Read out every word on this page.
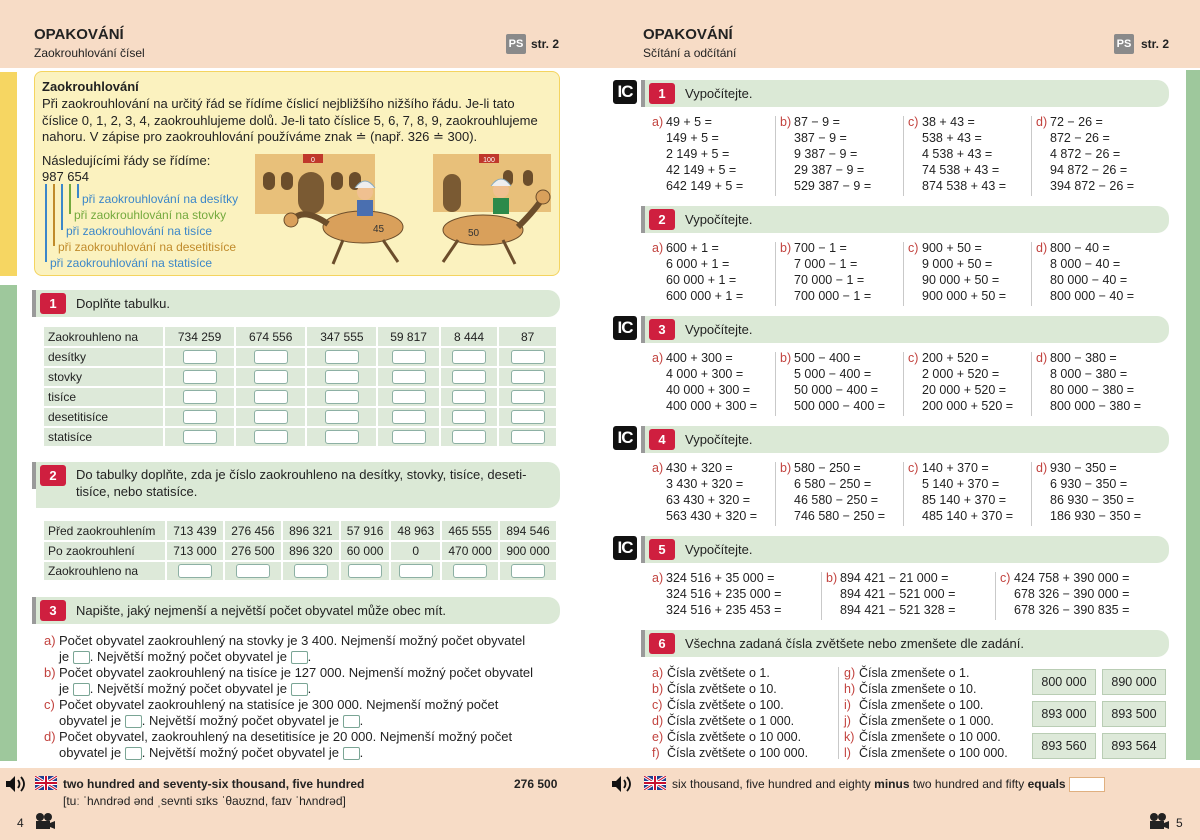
OPAKOVÁNÍ
Zaokrouhlování čísel
PS str. 2
OPAKOVÁNÍ
Sčítání a odčítání
PS str. 2
Zaokrouhlování
Při zaokrouhlování na určitý řád se řídíme číslicí nejbližšího nižšího řádu. Je-li tato číslice 0, 1, 2, 3, 4, zaokrouhlujeme dolů. Je-li tato číslice 5, 6, 7, 8, 9, zaokrouhlujeme nahoru. V zápise pro zaokrouhlování používáme znak ≐ (např. 326 ≐ 300).
Následujícími řády se řídíme:
987 654
při zaokrouhlování na desítky
při zaokrouhlování na stovky
při zaokrouhlování na tisíce
při zaokrouhlování na desetitisíce
při zaokrouhlování na statisíce
0	100
45	50
1	Doplňte tabulku.
Zaokrouhleno na	734 259	674 556	347 555	59 817	8 444	87
desítky						
stovky						
tisíce						
desetitisíce						
statisíce						
2	Do tabulky doplňte, zda je číslo zaokrouhleno na desítky, stovky, tisíce, desetitisíce, nebo statisíce.
Před zaokrouhlením	713 439	276 456	896 321	57 916	48 963	465 555	894 546
Po zaokrouhlení	713 000	276 500	896 320	60 000	0	470 000	900 000
Zaokrouhleno na							
3	Napište, jaký nejmenší a největší počet obyvatel může obec mít.
a) Počet obyvatel zaokrouhlený na stovky je 3 400. Nejmenší možný počet obyvatel
je . Největší možný počet obyvatel je .
b) Počet obyvatel zaokrouhlený na tisíce je 127 000. Nejmenší možný počet obyvatel
je . Největší možný počet obyvatel je .
c) Počet obyvatel zaokrouhlený na statisíce je 300 000. Nejmenší možný počet
obyvatel je . Největší možný počet obyvatel je .
d) Počet obyvatel, zaokrouhlený na desetitisíce je 20 000. Nejmenší možný počet
obyvatel je . Největší možný počet obyvatel je .
two hundred and seventy-six thousand, five hundred	276 500
[tuː ˈhʌndrəd ənd ˌsevnti sɪks ˈθaʊznd, faɪv ˈhʌndrəd]
4
six thousand, five hundred and eighty minus two hundred and fifty equals
5
IC	1	Vypočítejte.
a) 49 + 5 =
149 + 5 =
2 149 + 5 =
42 149 + 5 =
642 149 + 5 =
b) 87 − 9 =
387 − 9 =
9 387 − 9 =
29 387 − 9 =
529 387 − 9 =
c) 38 + 43 =
538 + 43 =
4 538 + 43 =
74 538 + 43 =
874 538 + 43 =
d) 72 − 26 =
872 − 26 =
4 872 − 26 =
94 872 − 26 =
394 872 − 26 =
2	Vypočítejte.
a) 600 + 1 =
6 000 + 1 =
60 000 + 1 =
600 000 + 1 =
b) 700 − 1 =
7 000 − 1 =
70 000 − 1 =
700 000 − 1 =
c) 900 + 50 =
9 000 + 50 =
90 000 + 50 =
900 000 + 50 =
d) 800 − 40 =
8 000 − 40 =
80 000 − 40 =
800 000 − 40 =
IC	3	Vypočítejte.
a) 400 + 300 =
4 000 + 300 =
40 000 + 300 =
400 000 + 300 =
b) 500 − 400 =
5 000 − 400 =
50 000 − 400 =
500 000 − 400 =
c) 200 + 520 =
2 000 + 520 =
20 000 + 520 =
200 000 + 520 =
d) 800 − 380 =
8 000 − 380 =
80 000 − 380 =
800 000 − 380 =
IC	4	Vypočítejte.
a) 430 + 320 =
3 430 + 320 =
63 430 + 320 =
563 430 + 320 =
b) 580 − 250 =
6 580 − 250 =
46 580 − 250 =
746 580 − 250 =
c) 140 + 370 =
5 140 + 370 =
85 140 + 370 =
485 140 + 370 =
d) 930 − 350 =
6 930 − 350 =
86 930 − 350 =
186 930 − 350 =
IC	5	Vypočítejte.
a) 324 516 + 35 000 =
324 516 + 235 000 =
324 516 + 235 453 =
b) 894 421 − 21 000 =
894 421 − 521 000 =
894 421 − 521 328 =
c) 424 758 + 390 000 =
678 326 − 390 000 =
678 326 − 390 835 =
6	Všechna zadaná čísla zvětšete nebo zmenšete dle zadání.
a) Čísla zvětšete o 1.
b) Čísla zvětšete o 10.
c) Čísla zvětšete o 100.
d) Čísla zvětšete o 1 000.
e) Čísla zvětšete o 10 000.
f) Čísla zvětšete o 100 000.
g) Čísla zmenšete o 1.
h) Čísla zmenšete o 10.
i) Čísla zmenšete o 100.
j) Čísla zmenšete o 1 000.
k) Čísla zmenšete o 10 000.
l) Čísla zmenšete o 100 000.
800 000	890 000
893 000	893 500
893 560	893 564
